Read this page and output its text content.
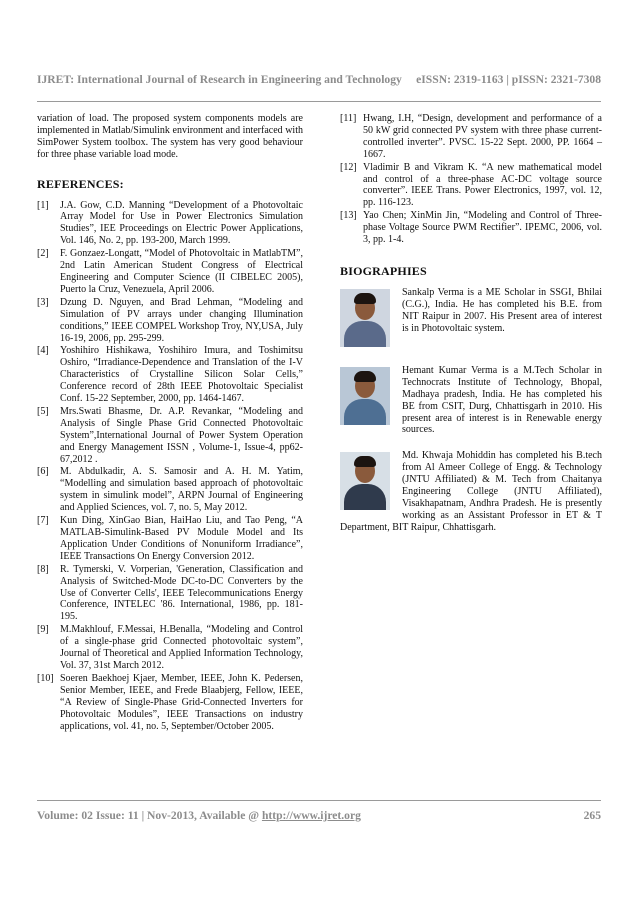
IJRET: International Journal of Research in Engineering and Technology eISSN: 2319-1163 | pISSN: 2321-7308

variation of load. The proposed system components models are implemented in Matlab/Simulink environment and interfaced with SimPower System toolbox. The system has very good behaviour for three phase variable load mode.

REFERENCES:
[1]	J.A. Gow, C.D. Manning “Development of a Photovoltaic Array Model for Use in Power Electronics Simulation Studies”, IEE Proceedings on Electric Power Applications, Vol. 146, No. 2, pp. 193-200, March 1999.
[2]	F. Gonzaez-Longatt, “Model of Photovoltaic in MatlabTM”, 2nd Latin American Student Congress of Electrical Engineering and Computer Science (II CIBELEC 2005), Puerto la Cruz, Venezuela, April 2006.
[3]	Dzung D. Nguyen, and Brad Lehman, “Modeling and Simulation of PV arrays under changing Illumination conditions,” IEEE COMPEL Workshop Troy, NY,USA, July 16-19, 2006, pp. 295-299.
[4]	Yoshihiro Hishikawa, Yoshihiro Imura, and Toshimitsu Oshiro, “Irradiance-Dependence and Translation of the I-V Characteristics of Crystalline Silicon Solar Cells,” Conference record of 28th IEEE Photovoltaic Specialist Conf. 15-22 September, 2000, pp. 1464-1467.
[5]	Mrs.Swati Bhasme, Dr. A.P. Revankar, “Modeling and Analysis of Single Phase Grid Connected Photovoltaic System”,International Journal of Power System Operation and Energy Management ISSN , Volume-1, Issue-4, pp62-67,2012 .
[6]	M. Abdulkadir, A. S. Samosir and A. H. M. Yatim, “Modelling and simulation based approach of photovoltaic system in simulink model”, ARPN Journal of Engineering and Applied Sciences, vol. 7, no. 5, May 2012.
[7]	Kun Ding, XinGao Bian, HaiHao Liu, and Tao Peng, “A MATLAB-Simulink-Based PV Module Model and Its Application Under Conditions of Nonuniform Irradiance”, IEEE Transactions On Energy Conversion 2012.
[8]	R. Tymerski, V. Vorperian, 'Generation, Classification and Analysis of Switched-Mode DC-to-DC Converters by the Use of Converter Cells', IEEE Telecommunications Energy Conference, INTELEC '86. International, 1986, pp. 181-195.
[9]	M.Makhlouf, F.Messai, H.Benalla, “Modeling and Control of a single-phase grid Connected photovoltaic system”, Journal of Theoretical and Applied Information Technology, Vol. 37, 31st March 2012.
[10] Soeren Baekhoej Kjaer, Member, IEEE, John K. Pedersen, Senior Member, IEEE, and Frede Blaabjerg, Fellow, IEEE, “A Review of Single-Phase Grid-Connected Inverters for Photovoltaic Modules”, IEEE Transactions on industry applications, vol. 41, no. 5, September/October 2005.
[11] Hwang, I.H, “Design, development and performance of a 50 kW grid connected PV system with three phase current-controlled inverter”. PVSC. 15-22 Sept. 2000, PP. 1664 – 1667.
[12] Vladimir B and Vikram K. “A new mathematical model and control of a three-phase AC-DC voltage source converter”. IEEE Trans. Power Electronics, 1997, vol. 12, pp. 116-123.
[13] Yao Chen; XinMin Jin, “Modeling and Control of Three-phase Voltage Source PWM Rectifier”. IPEMC, 2006, vol. 3, pp. 1-4.
BIOGRAPHIES
Sankalp Verma is a ME Scholar in SSGI, Bhilai (C.G.), India. He has completed his B.E. from NIT Raipur in 2007. His Present area of interest is in Photovoltaic system.
Hemant Kumar Verma is a M.Tech Scholar in Technocrats Institute of Technology, Bhopal, Madhaya pradesh, India. He has completed his BE from CSIT, Durg, Chhattisgarh in 2010. His present area of interest is in Renewable energy sources.
Md. Khwaja Mohiddin has completed his B.tech from Al Ameer College of Engg. & Technology (JNTU Affiliated) & M. Tech from Chaitanya Engineering College (JNTU Affiliated), Visakhapatnam, Andhra Pradesh. He is presently working as an Assistant Professor in ET & T Department, BIT Raipur, Chhattisgarh.
Volume: 02 Issue: 11 | Nov-2013, Available @ http://www.ijret.org	265
